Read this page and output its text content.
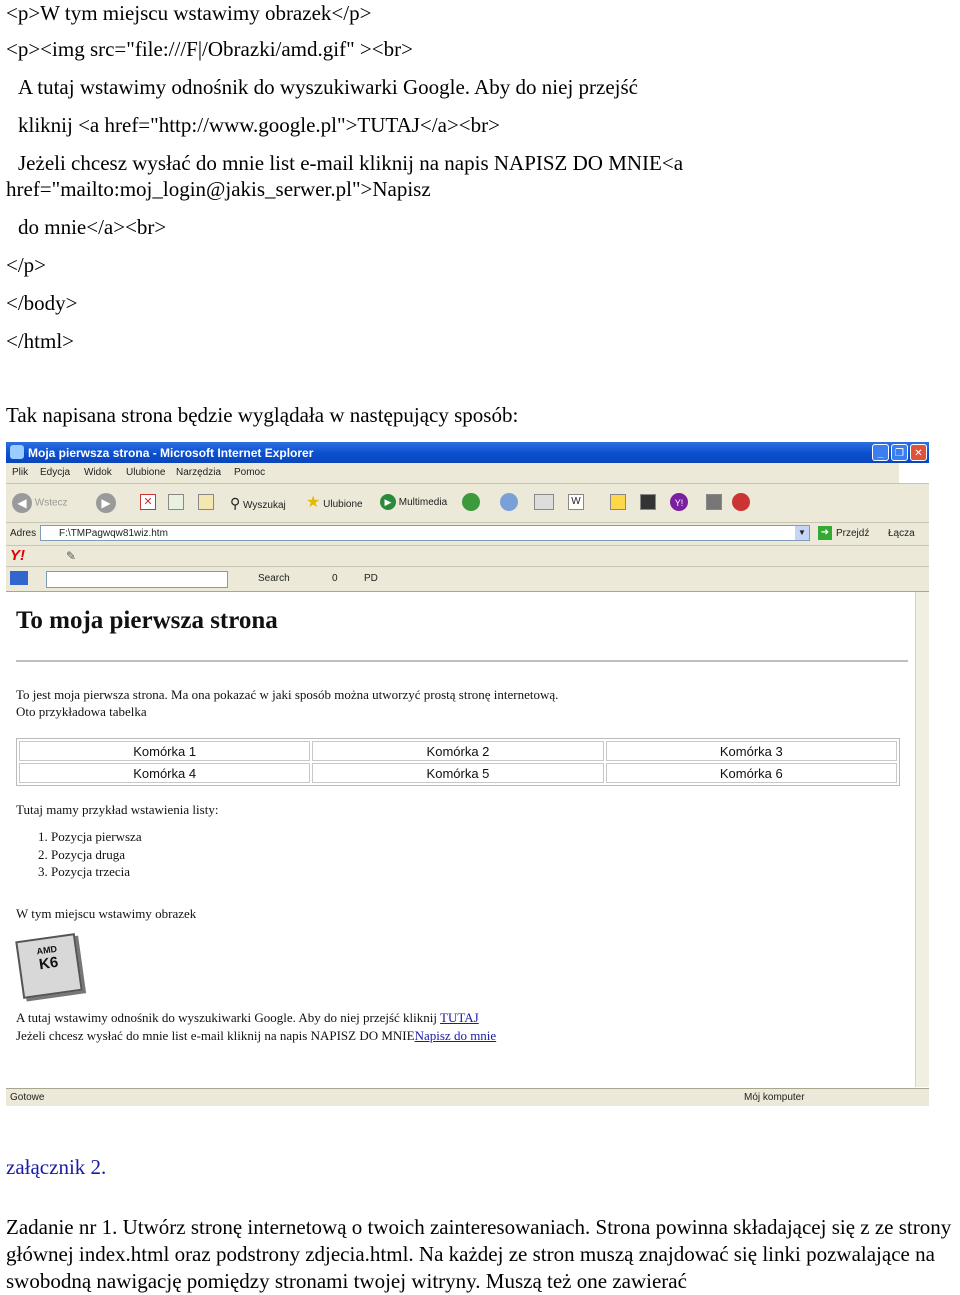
<p>W tym miejscu wstawimy obrazek</p>
<p><img src="file:///F|/Obrazki/amd.gif" ><br>
A tutaj wstawimy odnośnik do wyszukiwarki Google. Aby do niej przejść
kliknij <a href="http://www.google.pl">TUTAJ</a><br>
Jeżeli chcesz wysłać do mnie list e-mail kliknij na napis NAPISZ DO MNIE<a
href="mailto:moj_login@jakis_serwer.pl">Napisz
do mnie</a><br>
</p>
</body>
</html>
Tak napisana strona będzie wyglądała w następujący sposób:
Moja pierwsza strona - Microsoft Internet Explorer	_ ❐ ✕
Plik Edycja Widok Ulubione Narzędzia Pomoc
◀ Wstecz	▶	✕	⚲ Wyszukaj ★ Ulubione	▶ Multimedia	W	Y!
Adres	F:\TMPagwqw81wiz.htm	▼	➜ Przejdź Łącza
Y!	✎
Search	0	PD
To moja pierwsza strona
To jest moja pierwsza strona. Ma ona pokazać w jaki sposób można utworzyć prostą stronę internetową.
Oto przykładowa tabelka
Komórka 1	Komórka 2	Komórka 3
Komórka 4	Komórka 5	Komórka 6
Tutaj mamy przykład wstawienia listy:
1. Pozycja pierwsza
2. Pozycja druga
3. Pozycja trzecia
W tym miejscu wstawimy obrazek
AMD
K6
A tutaj wstawimy odnośnik do wyszukiwarki Google. Aby do niej przejść kliknij TUTAJ
Jeżeli chcesz wysłać do mnie list e-mail kliknij na napis NAPISZ DO MNIENapisz do mnie
Gotowe	Mój komputer
załącznik 2.
Zadanie nr 1. Utwórz stronę internetową o twoich zainteresowaniach. Strona powinna składającej się z ze strony głównej index.html oraz podstrony zdjecia.html. Na każdej ze stron muszą znajdować się linki pozwalające na swobodną nawigację pomiędzy stronami twojej witryny. Muszą też one zawierać
